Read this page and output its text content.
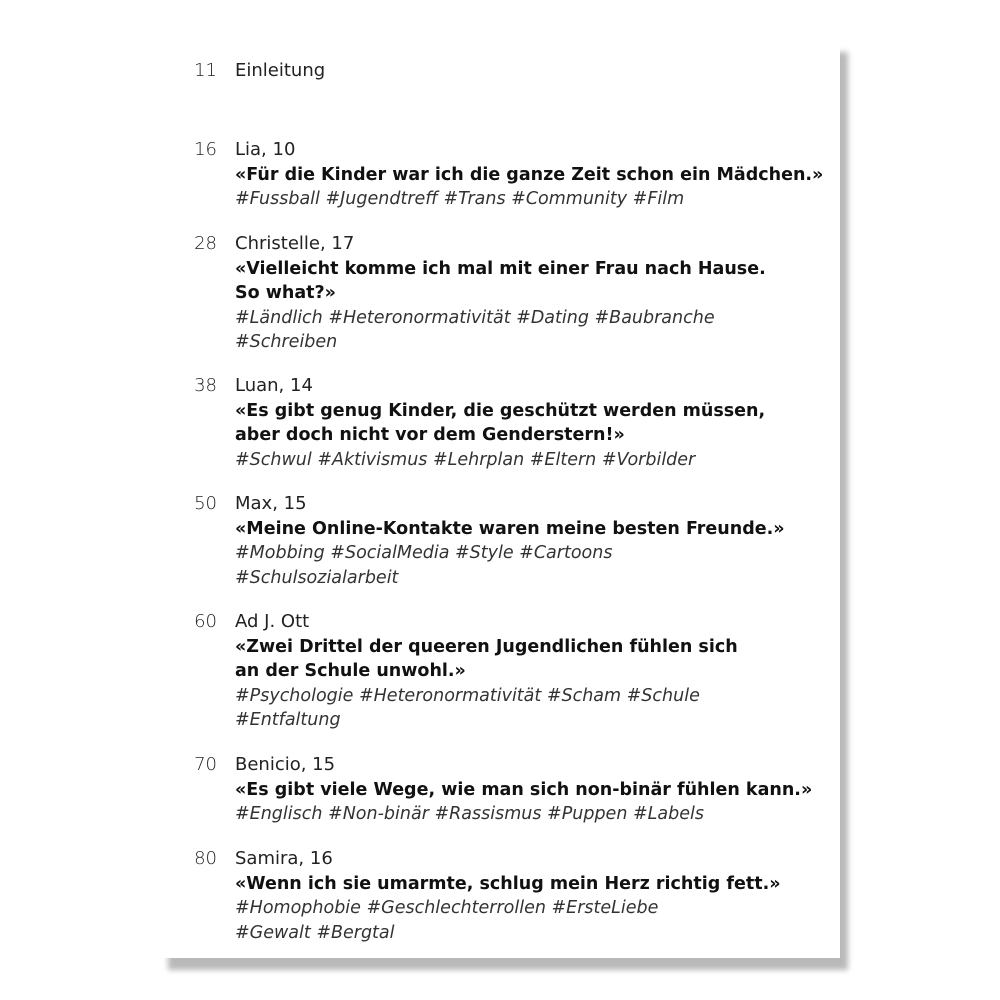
11 Einleitung
16 Lia, 10
«Für die Kinder war ich die ganze Zeit schon ein Mädchen.»
#Fussball #Jugendtreff #Trans #Community #Film
28 Christelle, 17
«Vielleicht komme ich mal mit einer Frau nach Hause.
So what?»
#Ländlich #Heteronormativität #Dating #Baubranche
#Schreiben
38 Luan, 14
«Es gibt genug Kinder, die geschützt werden müssen,
aber doch nicht vor dem Genderstern!»
#Schwul #Aktivismus #Lehrplan #Eltern #Vorbilder
50 Max, 15
«Meine Online-Kontakte waren meine besten Freunde.»
#Mobbing #SocialMedia #Style #Cartoons
#Schulsozialarbeit
60 Ad J. Ott
«Zwei Drittel der queeren Jugendlichen fühlen sich
an der Schule unwohl.»
#Psychologie #Heteronormativität #Scham #Schule
#Entfaltung
70 Benicio, 15
«Es gibt viele Wege, wie man sich non-binär fühlen kann.»
#Englisch #Non-binär #Rassismus #Puppen #Labels
80 Samira, 16
«Wenn ich sie umarmte, schlug mein Herz richtig fett.»
#Homophobie #Geschlechterrollen #ErsteLiebe
#Gewalt #Bergtal
